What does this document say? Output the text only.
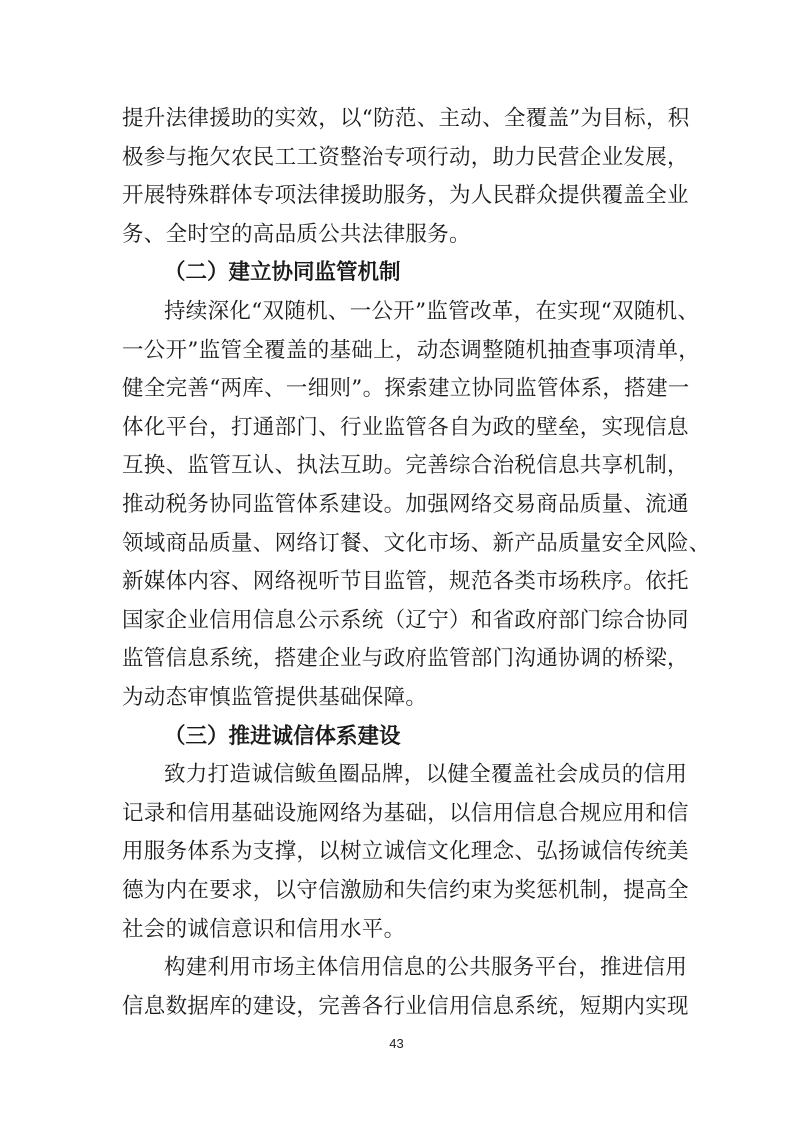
提升法律援助的实效，以“防范、主动、全覆盖”为目标，积
极参与拖欠农民工工资整治专项行动，助力民营企业发展，
开展特殊群体专项法律援助服务，为人民群众提供覆盖全业
务、全时空的高品质公共法律服务。
（二）建立协同监管机制
持续深化“双随机、一公开”监管改革，在实现“双随机、
一公开”监管全覆盖的基础上，动态调整随机抽查事项清单，
健全完善“两库、一细则”。探索建立协同监管体系，搭建一
体化平台，打通部门、行业监管各自为政的壁垒，实现信息
互换、监管互认、执法互助。完善综合治税信息共享机制，
推动税务协同监管体系建设。加强网络交易商品质量、流通
领域商品质量、网络订餐、文化市场、新产品质量安全风险、
新媒体内容、网络视听节目监管，规范各类市场秩序。依托
国家企业信用信息公示系统（辽宁）和省政府部门综合协同
监管信息系统，搭建企业与政府监管部门沟通协调的桥梁，
为动态审慎监管提供基础保障。
（三）推进诚信体系建设
致力打造诚信鲅鱼圈品牌，以健全覆盖社会成员的信用
记录和信用基础设施网络为基础，以信用信息合规应用和信
用服务体系为支撑，以树立诚信文化理念、弘扬诚信传统美
德为内在要求，以守信激励和失信约束为奖惩机制，提高全
社会的诚信意识和信用水平。
构建利用市场主体信用信息的公共服务平台，推进信用
43
信息数据库的建设，完善各行业信用信息系统，短期内实现
